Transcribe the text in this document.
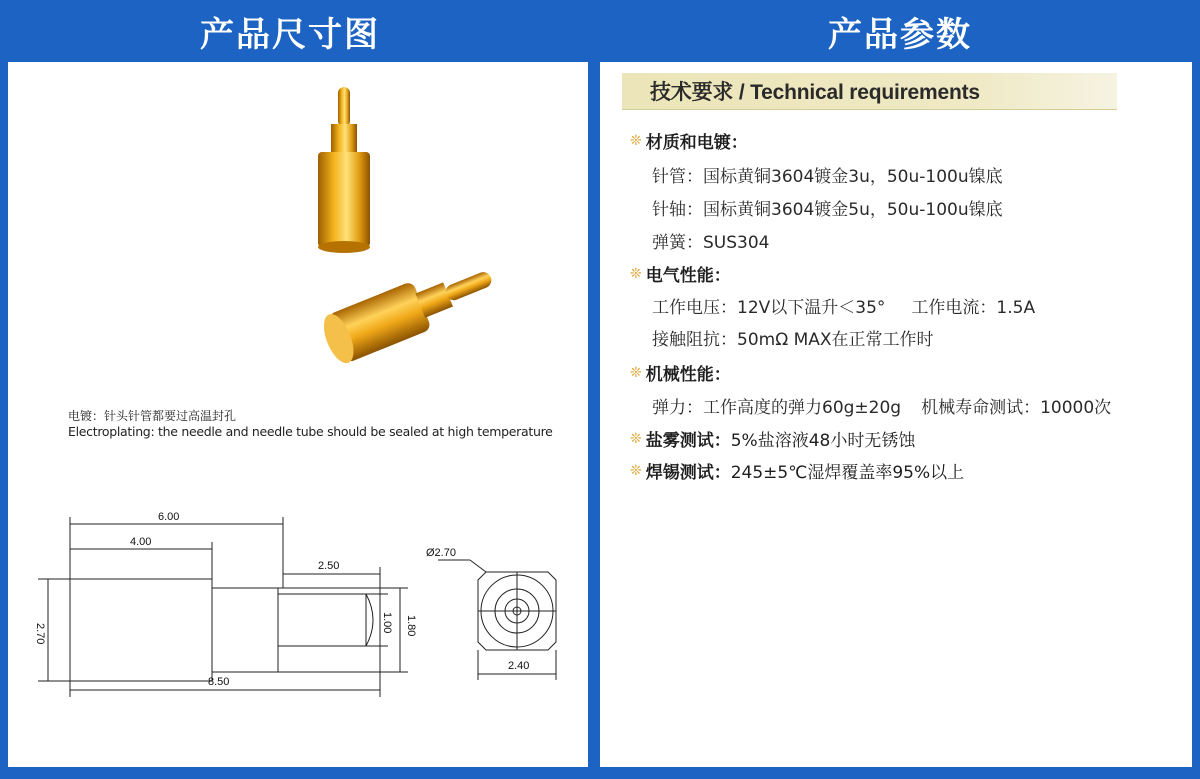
产品尺寸图	产品参数
电镀：针头针管都要过高温封孔
Electroplating: the needle and needle tube should be sealed at high temperature
6.00
4.00
2.50
2.70
1.00 1.80
8.50
Ø2.70
2.40
技术要求 / Technical requirements
❊ 材质和电镀：
针管：国标黄铜3604镀金3u，50u-100u镍底
针轴：国标黄铜3604镀金5u，50u-100u镍底
弹簧：SUS304
❊ 电气性能：
工作电压：12V以下温升＜35° 工作电流：1.5A
接触阻抗：50mΩ MAX在正常工作时
❊ 机械性能：
弹力：工作高度的弹力60g±20g 机械寿命测试：10000次
❊ 盐雾测试： 5%盐溶液48小时无锈蚀
❊ 焊锡测试： 245±5℃湿焊覆盖率95%以上
